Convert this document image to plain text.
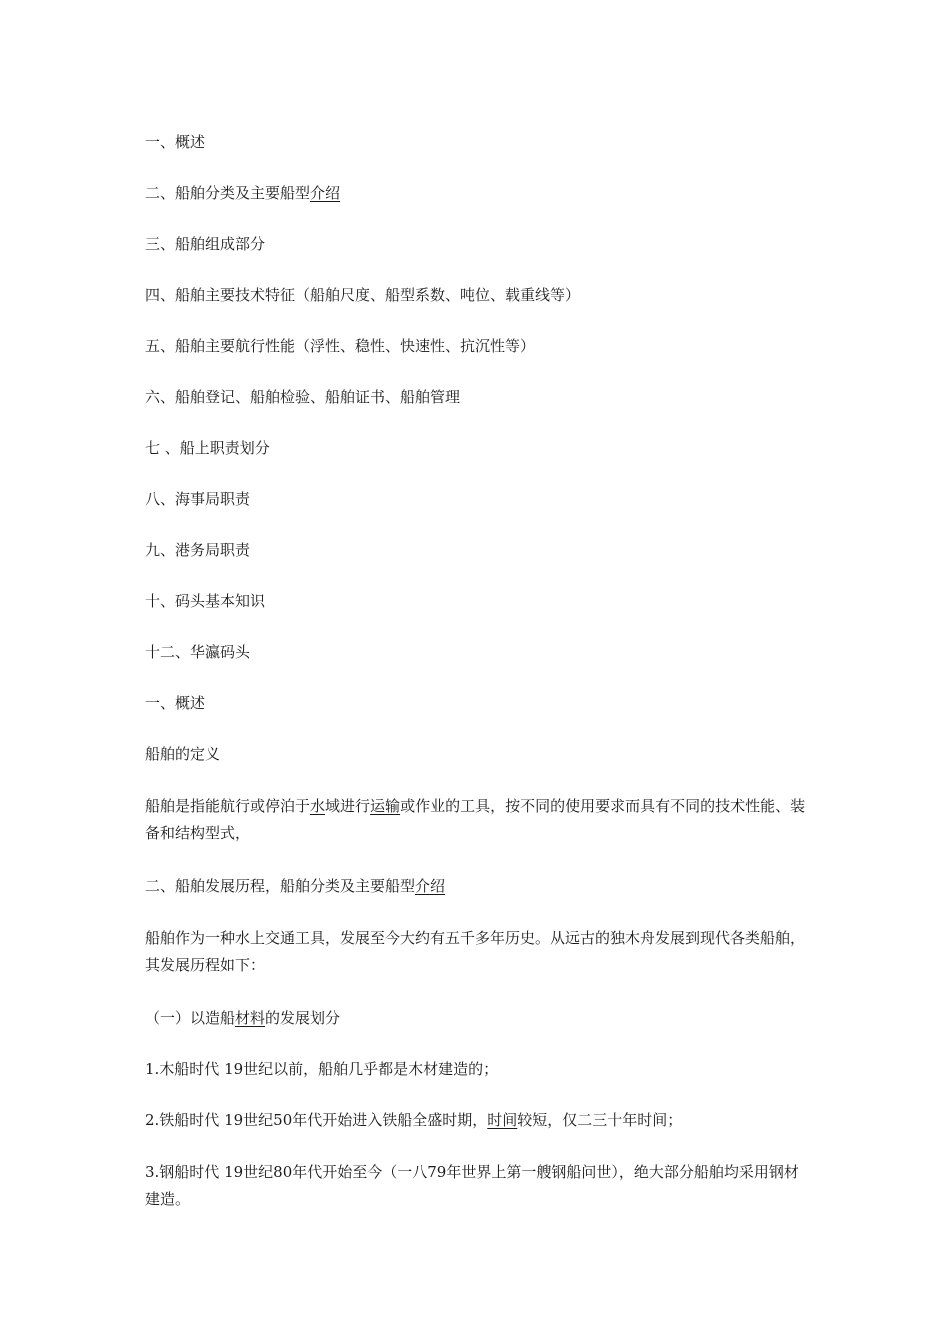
一、概述

二、船舶分类及主要船型介绍

三、船舶组成部分

四、船舶主要技术特征（船舶尺度、船型系数、吨位、载重线等）

五、船舶主要航行性能（浮性、稳性、快速性、抗沉性等）

六、船舶登记、船舶检验、船舶证书、船舶管理

七 、船上职责划分

八、海事局职责

九、港务局职责

十、码头基本知识

十二、华瀛码头

一、概述

船舶的定义

船舶是指能航行或停泊于水域进行运输或作业的工具，按不同的使用要求而具有不同的技术性能、装备和结构型式，

二、船舶发展历程，船舶分类及主要船型介绍

船舶作为一种水上交通工具，发展至今大约有五千多年历史。从远古的独木舟发展到现代各类船舶，其发展历程如下：

（一）以造船材料的发展划分

1.木船时代 19世纪以前，船舶几乎都是木材建造的；

2.铁船时代 19世纪50年代开始进入铁船全盛时期，时间较短，仅二三十年时间；

3.钢船时代 19世纪80年代开始至今（一八79年世界上第一艘钢船问世），绝大部分船舶均采用钢材建造。
